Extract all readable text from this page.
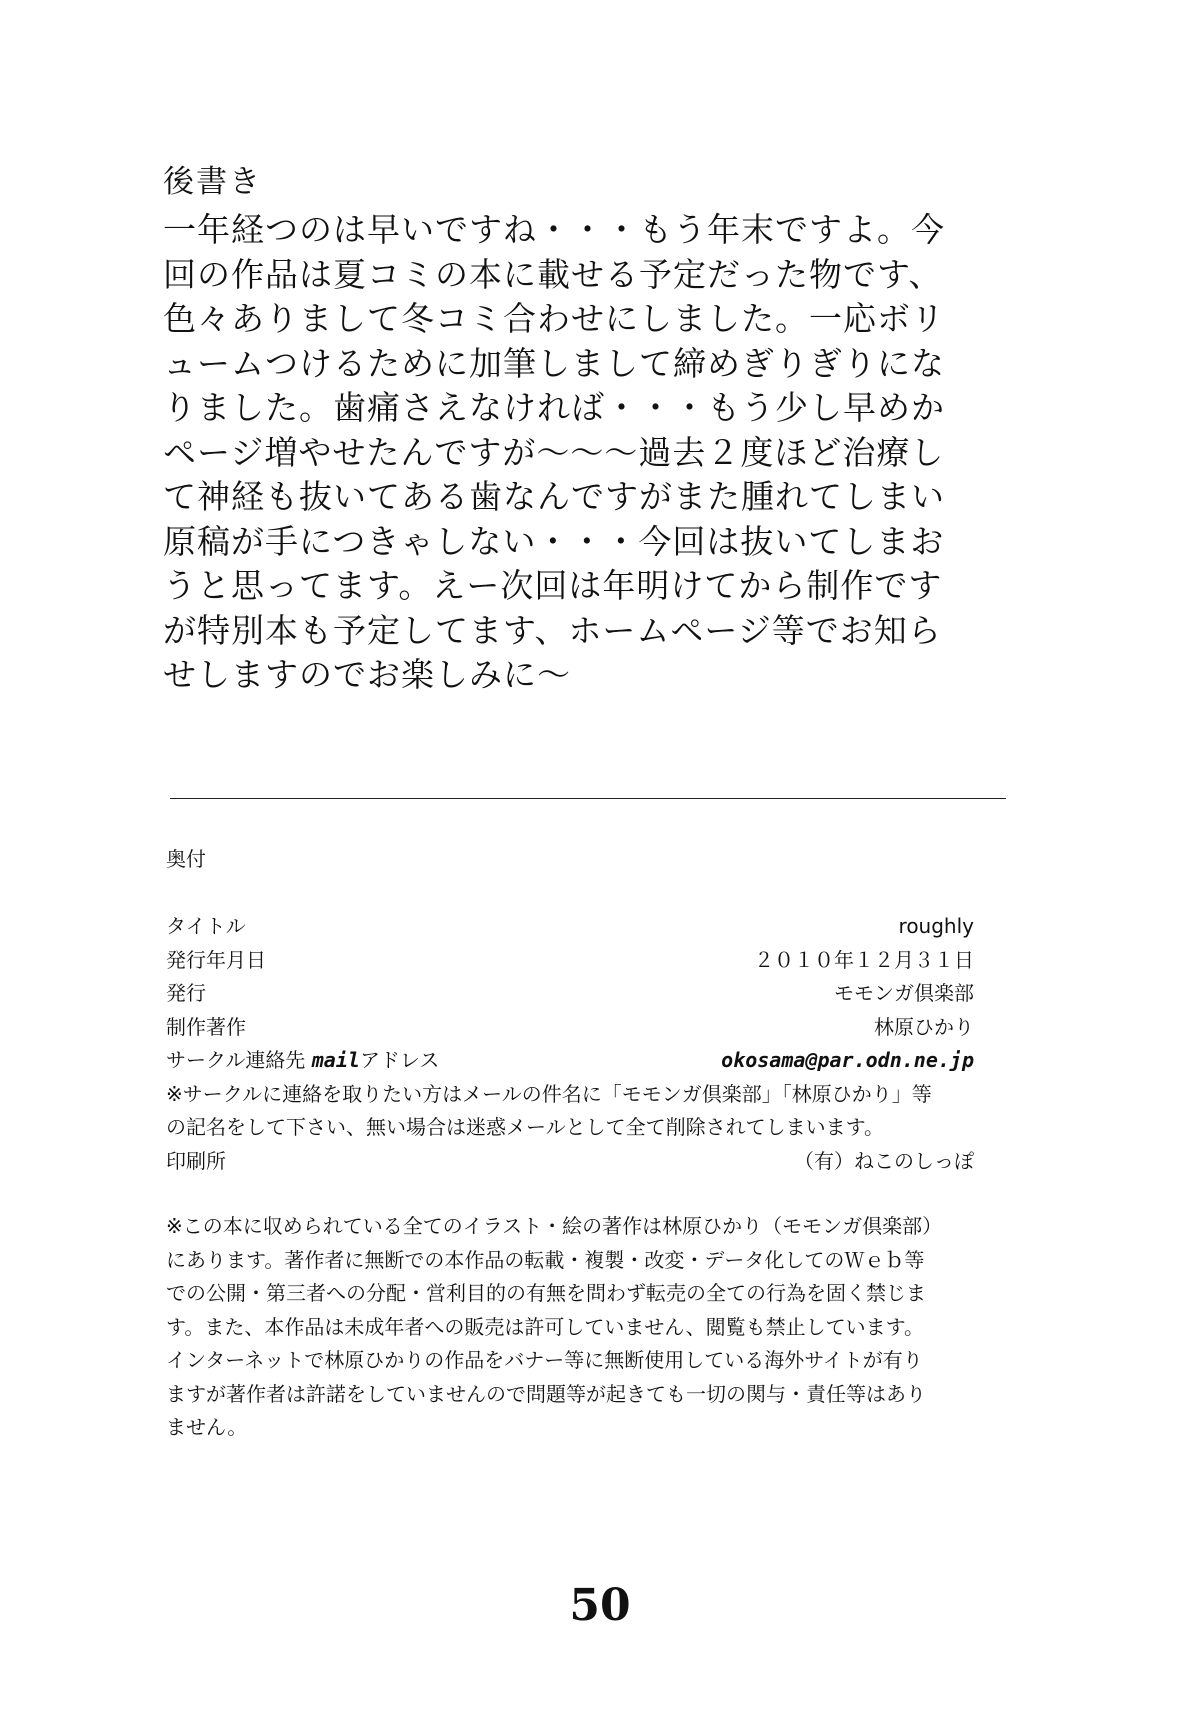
後書き
一年経つのは早いですね・・・もう年末ですよ。今
回の作品は夏コミの本に載せる予定だった物です、
色々ありまして冬コミ合わせにしました。一応ボリ
ュームつけるために加筆しまして締めぎりぎりにな
りました。歯痛さえなければ・・・もう少し早めか
ページ増やせたんですが〜〜〜過去２度ほど治療し
て神経も抜いてある歯なんですがまた腫れてしまい
原稿が手につきゃしない・・・今回は抜いてしまお
うと思ってます。えー次回は年明けてから制作です
が特別本も予定してます、ホームページ等でお知ら
せしますのでお楽しみに〜
奥付
タイトル	roughly
発行年月日	２０１０年１２月３１日
発行	モモンガ倶楽部
制作著作	林原ひかり
サークル連絡先 mailアドレス	okosama@par.odn.ne.jp
※サークルに連絡を取りたい方はメールの件名に「モモンガ倶楽部」「林原ひかり」等
の記名をして下さい、無い場合は迷惑メールとして全て削除されてしまいます。
印刷所	（有）ねこのしっぽ
※この本に収められている全てのイラスト・絵の著作は林原ひかり（モモンガ倶楽部）
にあります。著作者に無断での本作品の転載・複製・改変・データ化してのＷｅｂ等
での公開・第三者への分配・営利目的の有無を問わず転売の全ての行為を固く禁じま
す。また、本作品は未成年者への販売は許可していません、閲覧も禁止しています。
インターネットで林原ひかりの作品をバナー等に無断使用している海外サイトが有り
ますが著作者は許諾をしていませんので問題等が起きても一切の関与・責任等はあり
ません。
50
